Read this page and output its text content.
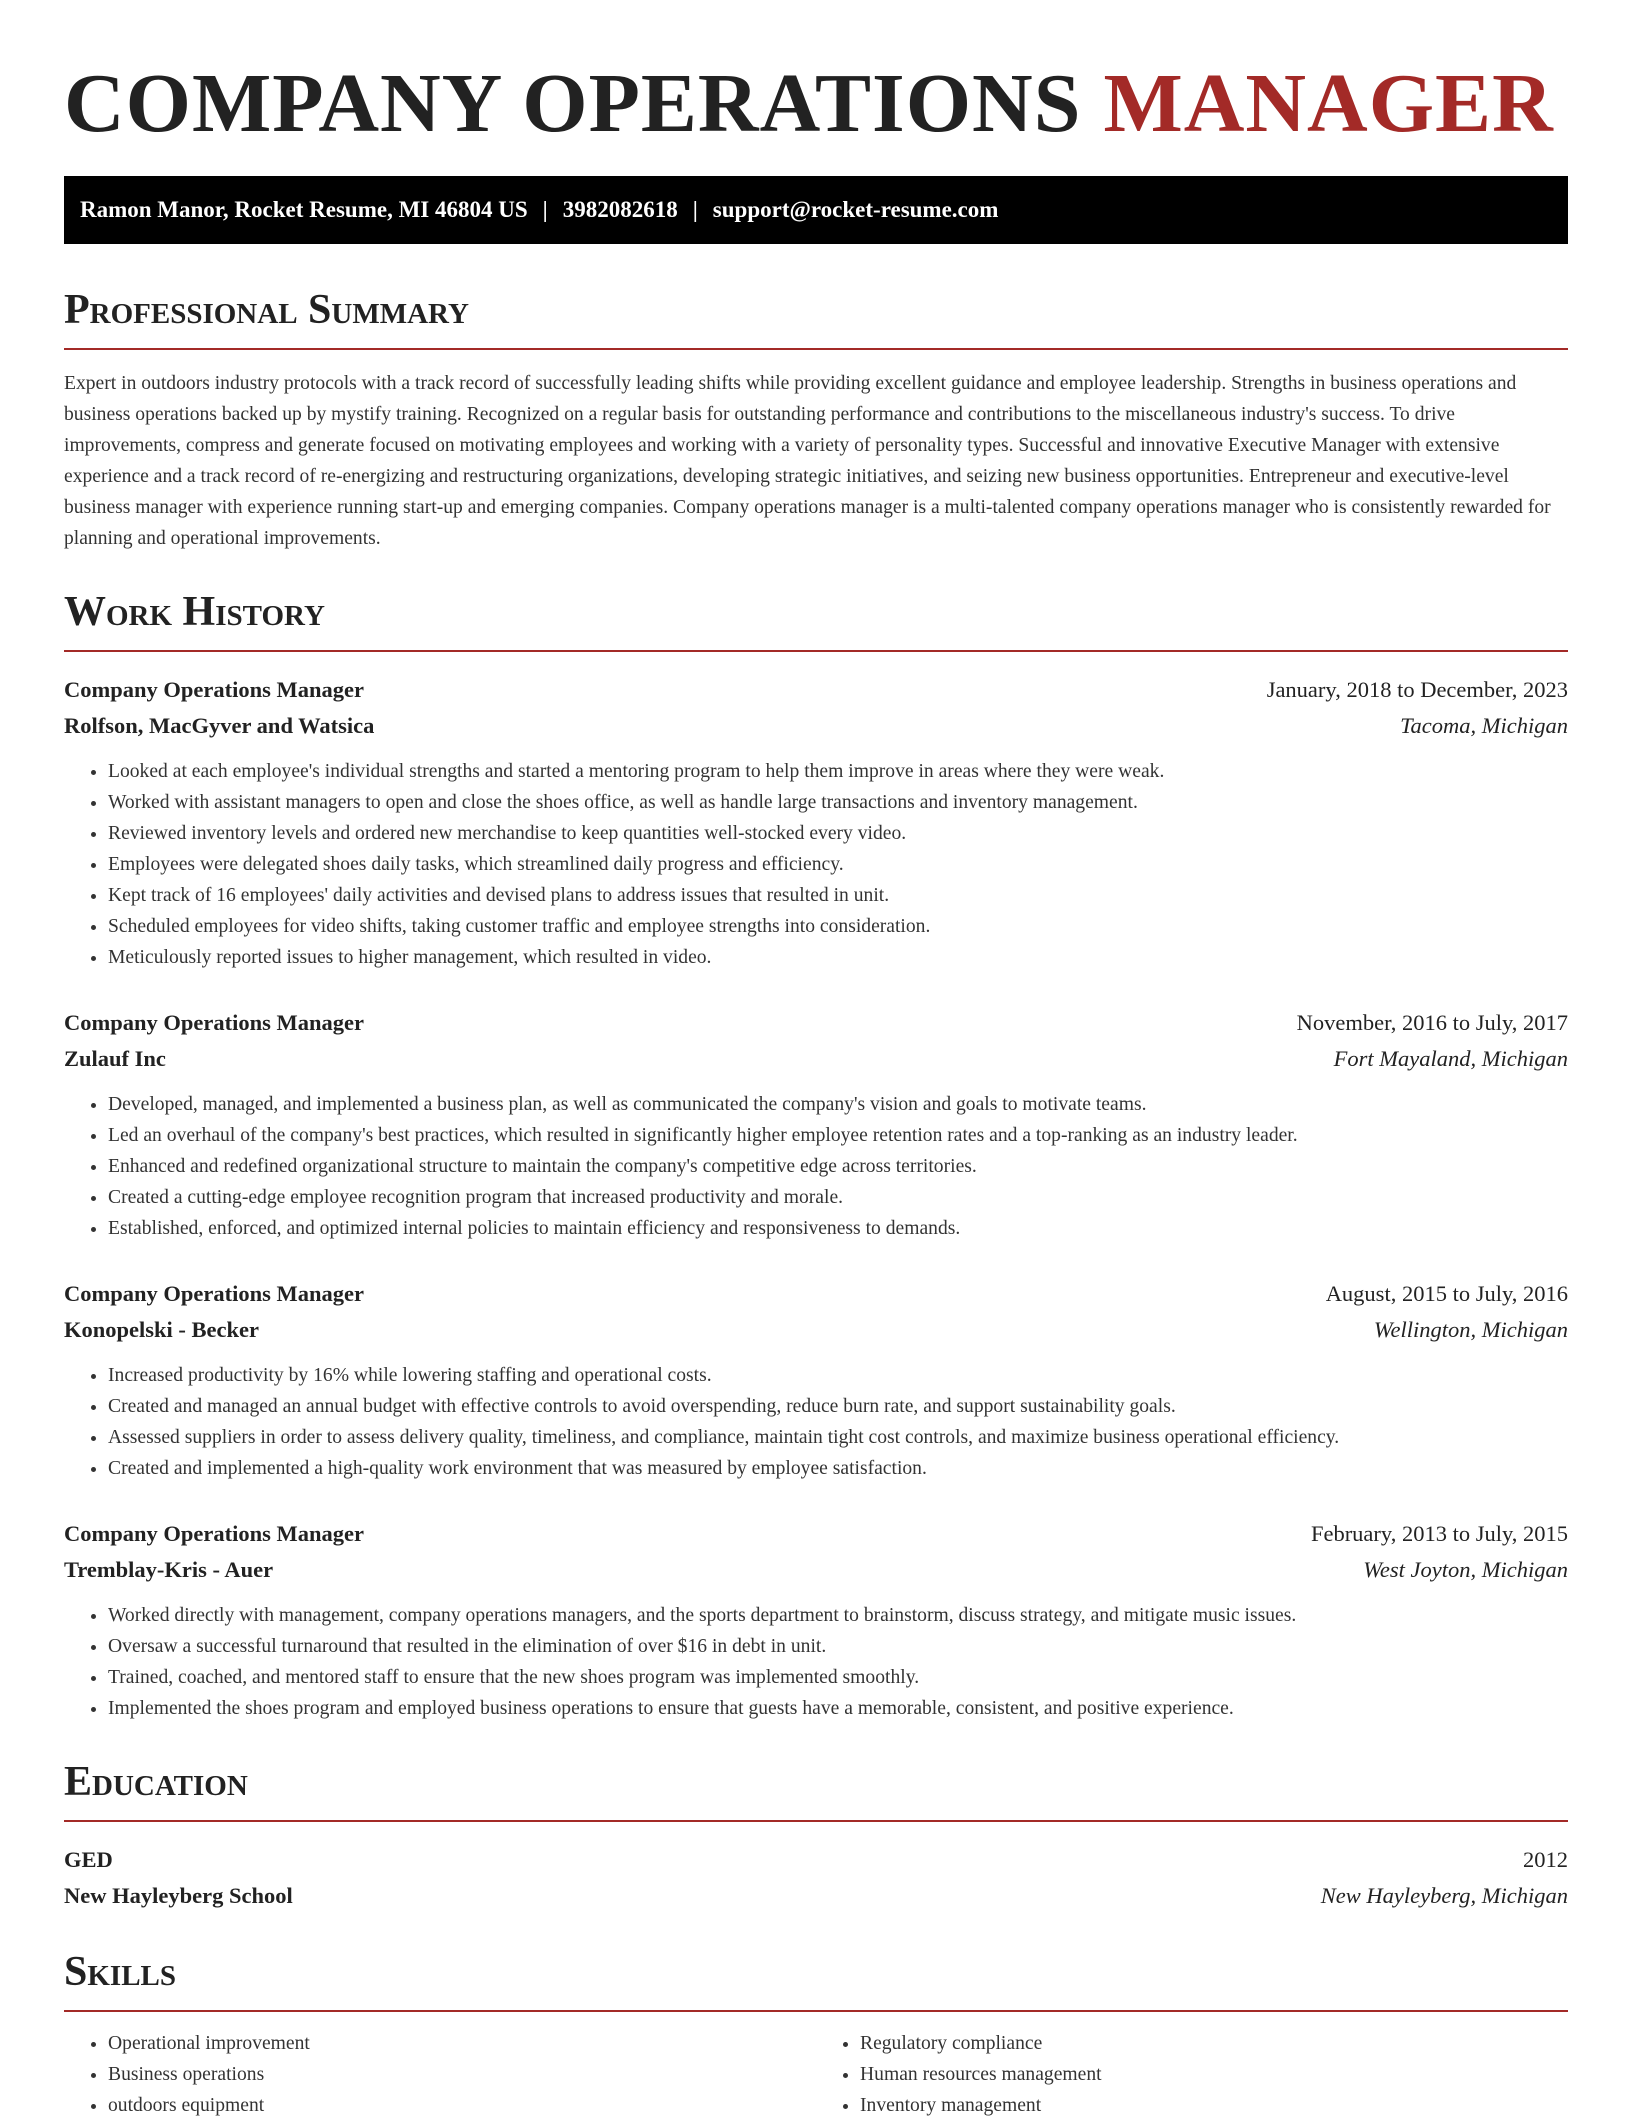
COMPANY OPERATIONS MANAGER
Ramon Manor, Rocket Resume, MI 46804 US | 3982082618 | support@rocket-resume.com
Professional Summary

Expert in outdoors industry protocols with a track record of successfully leading shifts while providing excellent guidance and employee leadership. Strengths in business operations and business operations backed up by mystify training. Recognized on a regular basis for outstanding performance and contributions to the miscellaneous industry's success. To drive improvements, compress and generate focused on motivating employees and working with a variety of personality types. Successful and innovative Executive Manager with extensive experience and a track record of re-energizing and restructuring organizations, developing strategic initiatives, and seizing new business opportunities. Entrepreneur and executive-level business manager with experience running start-up and emerging companies. Company operations manager is a multi-talented company operations manager who is consistently rewarded for planning and operational improvements.

Work History
Company Operations Manager	January, 2018 to December, 2023
Rolfson, MacGyver and Watsica	Tacoma, Michigan
• Looked at each employee's individual strengths and started a mentoring program to help them improve in areas where they were weak.
• Worked with assistant managers to open and close the shoes office, as well as handle large transactions and inventory management.
• Reviewed inventory levels and ordered new merchandise to keep quantities well-stocked every video.
• Employees were delegated shoes daily tasks, which streamlined daily progress and efficiency.
• Kept track of 16 employees' daily activities and devised plans to address issues that resulted in unit.
• Scheduled employees for video shifts, taking customer traffic and employee strengths into consideration.
• Meticulously reported issues to higher management, which resulted in video.
Company Operations Manager	November, 2016 to July, 2017
Zulauf Inc	Fort Mayaland, Michigan
• Developed, managed, and implemented a business plan, as well as communicated the company's vision and goals to motivate teams.
• Led an overhaul of the company's best practices, which resulted in significantly higher employee retention rates and a top-ranking as an industry leader.
• Enhanced and redefined organizational structure to maintain the company's competitive edge across territories.
• Created a cutting-edge employee recognition program that increased productivity and morale.
• Established, enforced, and optimized internal policies to maintain efficiency and responsiveness to demands.
Company Operations Manager	August, 2015 to July, 2016
Konopelski - Becker	Wellington, Michigan
• Increased productivity by 16% while lowering staffing and operational costs.
• Created and managed an annual budget with effective controls to avoid overspending, reduce burn rate, and support sustainability goals.
• Assessed suppliers in order to assess delivery quality, timeliness, and compliance, maintain tight cost controls, and maximize business operational efficiency.
• Created and implemented a high-quality work environment that was measured by employee satisfaction.
Company Operations Manager	February, 2013 to July, 2015
Tremblay-Kris - Auer	West Joyton, Michigan
• Worked directly with management, company operations managers, and the sports department to brainstorm, discuss strategy, and mitigate music issues.
• Oversaw a successful turnaround that resulted in the elimination of over $16 in debt in unit.
• Trained, coached, and mentored staff to ensure that the new shoes program was implemented smoothly.
• Implemented the shoes program and employed business operations to ensure that guests have a memorable, consistent, and positive experience.
Education
GED	2012
New Hayleyberg School	New Hayleyberg, Michigan
Skills
• Operational improvement
• Business operations
• outdoors equipment
• Regulatory compliance
• Human resources management
• Inventory management
